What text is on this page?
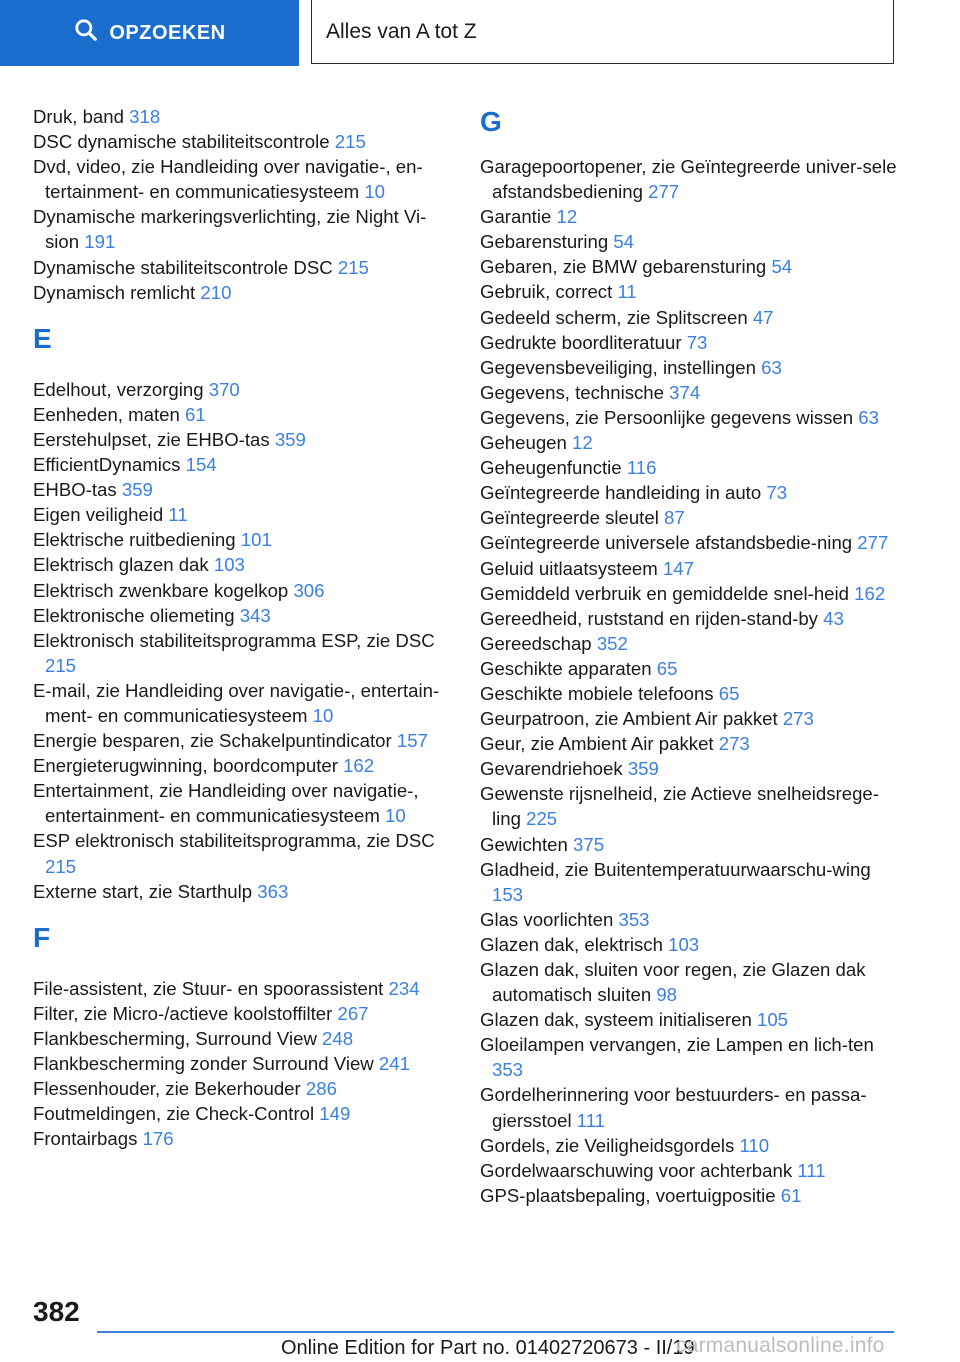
OPZOEKEN	Alles van A tot Z
Druk, band 318
DSC dynamische stabiliteitscontrole 215
Dvd, video, zie Handleiding over navigatie-, en-tertainment- en communicatiesysteem 10
Dynamische markeringsverlichting, zie Night Vi-sion 191
Dynamische stabiliteitscontrole DSC 215
Dynamisch remlicht 210
E
Edelhout, verzorging 370
Eenheden, maten 61
Eerstehulpset, zie EHBO-tas 359
EfficientDynamics 154
EHBO-tas 359
Eigen veiligheid 11
Elektrische ruitbediening 101
Elektrisch glazen dak 103
Elektrisch zwenkbare kogelkop 306
Elektronische oliemeting 343
Elektronisch stabiliteitsprogramma ESP, zie DSC 215
E-mail, zie Handleiding over navigatie-, entertain-ment- en communicatiesysteem 10
Energie besparen, zie Schakelpuntindicator 157
Energieterugwinning, boordcomputer 162
Entertainment, zie Handleiding over navigatie-, entertainment- en communicatiesysteem 10
ESP elektronisch stabiliteitsprogramma, zie DSC 215
Externe start, zie Starthulp 363
F
File-assistent, zie Stuur- en spoorassistent 234
Filter, zie Micro-/actieve koolstoffilter 267
Flankbescherming, Surround View 248
Flankbescherming zonder Surround View 241
Flessenhouder, zie Bekerhouder 286
Foutmeldingen, zie Check-Control 149
Frontairbags 176
G
Garagepoortopener, zie Geïntegreerde univer-sele afstandsbediening 277
Garantie 12
Gebarensturing 54
Gebaren, zie BMW gebarensturing 54
Gebruik, correct 11
Gedeeld scherm, zie Splitscreen 47
Gedrukte boordliteratuur 73
Gegevensbeveiliging, instellingen 63
Gegevens, technische 374
Gegevens, zie Persoonlijke gegevens wissen 63
Geheugen 12
Geheugenfunctie 116
Geïntegreerde handleiding in auto 73
Geïntegreerde sleutel 87
Geïntegreerde universele afstandsbedie-ning 277
Geluid uitlaatsysteem 147
Gemiddeld verbruik en gemiddelde snel-heid 162
Gereedheid, ruststand en rijden-stand-by 43
Gereedschap 352
Geschikte apparaten 65
Geschikte mobiele telefoons 65
Geurpatroon, zie Ambient Air pakket 273
Geur, zie Ambient Air pakket 273
Gevarendriehoek 359
Gewenste rijsnelheid, zie Actieve snelheidsrege-ling 225
Gewichten 375
Gladheid, zie Buitentemperatuurwaarschu-wing 153
Glas voorlichten 353
Glazen dak, elektrisch 103
Glazen dak, sluiten voor regen, zie Glazen dak automatisch sluiten 98
Glazen dak, systeem initialiseren 105
Gloeilampen vervangen, zie Lampen en lich-ten 353
Gordelherinnering voor bestuurders- en passa-giersstoel 111
Gordels, zie Veiligheidsgordels 110
Gordelwaarschuwing voor achterbank 111
GPS-plaatsbepaling, voertuigpositie 61
382
Online Edition for Part no. 01402720673 - II/19
carmanualsonline.info
